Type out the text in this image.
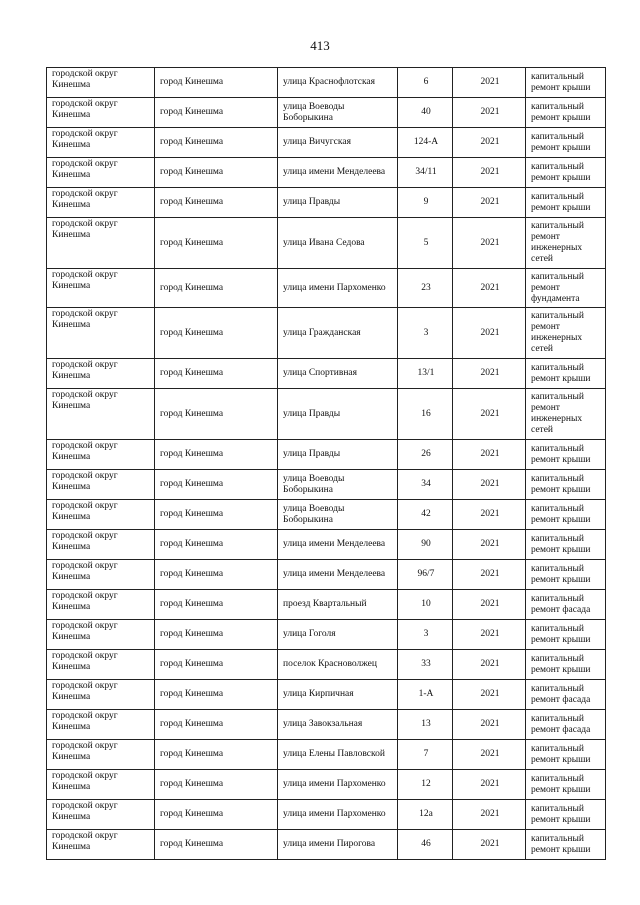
413
городской округ Кинешма	город Кинешма	улица Краснофлотская	6	2021	капитальный ремонт крыши
городской округ Кинешма	город Кинешма	улица Воеводы Боборыкина	40	2021	капитальный ремонт крыши
городской округ Кинешма	город Кинешма	улица Вичугская	124-А	2021	капитальный ремонт крыши
городской округ Кинешма	город Кинешма	улица имени Менделеева	34/11	2021	капитальный ремонт крыши
городской округ Кинешма	город Кинешма	улица Правды	9	2021	капитальный ремонт крыши
городской округ Кинешма	город Кинешма	улица Ивана Седова	5	2021	капитальный ремонт инженерных сетей
городской округ Кинешма	город Кинешма	улица имени Пархоменко	23	2021	капитальный ремонт фундамента
городской округ Кинешма	город Кинешма	улица Гражданская	3	2021	капитальный ремонт инженерных сетей
городской округ Кинешма	город Кинешма	улица Спортивная	13/1	2021	капитальный ремонт крыши
городской округ Кинешма	город Кинешма	улица Правды	16	2021	капитальный ремонт инженерных сетей
городской округ Кинешма	город Кинешма	улица Правды	26	2021	капитальный ремонт крыши
городской округ Кинешма	город Кинешма	улица Воеводы Боборыкина	34	2021	капитальный ремонт крыши
городской округ Кинешма	город Кинешма	улица Воеводы Боборыкина	42	2021	капитальный ремонт крыши
городской округ Кинешма	город Кинешма	улица имени Менделеева	90	2021	капитальный ремонт крыши
городской округ Кинешма	город Кинешма	улица имени Менделеева	96/7	2021	капитальный ремонт крыши
городской округ Кинешма	город Кинешма	проезд Квартальный	10	2021	капитальный ремонт фасада
городской округ Кинешма	город Кинешма	улица Гоголя	3	2021	капитальный ремонт крыши
городской округ Кинешма	город Кинешма	поселок Красноволжец	33	2021	капитальный ремонт крыши
городской округ Кинешма	город Кинешма	улица Кирпичная	1-А	2021	капитальный ремонт фасада
городской округ Кинешма	город Кинешма	улица Завокзальная	13	2021	капитальный ремонт фасада
городской округ Кинешма	город Кинешма	улица Елены Павловской	7	2021	капитальный ремонт крыши
городской округ Кинешма	город Кинешма	улица имени Пархоменко	12	2021	капитальный ремонт крыши
городской округ Кинешма	город Кинешма	улица имени Пархоменко	12а	2021	капитальный ремонт крыши
городской округ Кинешма	город Кинешма	улица имени Пирогова	46	2021	капитальный ремонт крыши
